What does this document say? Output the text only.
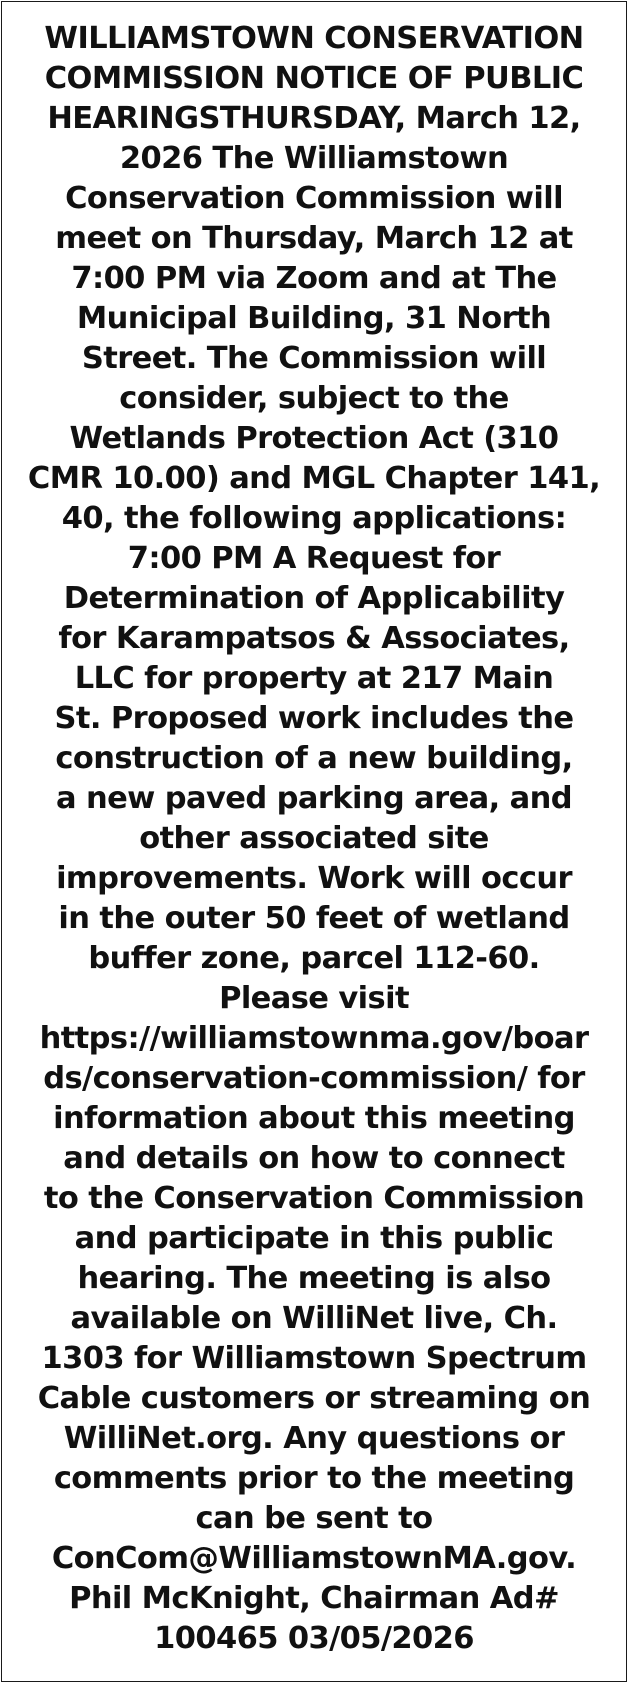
WILLIAMSTOWN CONSERVATION
COMMISSION NOTICE OF PUBLIC
HEARINGSTHURSDAY, March 12,
2026 The Williamstown
Conservation Commission will
meet on Thursday, March 12 at
7:00 PM via Zoom and at The
Municipal Building, 31 North
Street. The Commission will
consider, subject to the
Wetlands Protection Act (310
CMR 10.00) and MGL Chapter 141,
40, the following applications:
7:00 PM A Request for
Determination of Applicability
for Karampatsos & Associates,
LLC for property at 217 Main
St. Proposed work includes the
construction of a new building,
a new paved parking area, and
other associated site
improvements. Work will occur
in the outer 50 feet of wetland
buffer zone, parcel 112-60.
Please visit
https://williamstownma.gov/boar
ds/conservation-commission/ for
information about this meeting
and details on how to connect
to the Conservation Commission
and participate in this public
hearing. The meeting is also
available on WilliNet live, Ch.
1303 for Williamstown Spectrum
Cable customers or streaming on
WilliNet.org. Any questions or
comments prior to the meeting
can be sent to
ConCom@WilliamstownMA.gov.
Phil McKnight, Chairman Ad#
100465 03/05/2026
